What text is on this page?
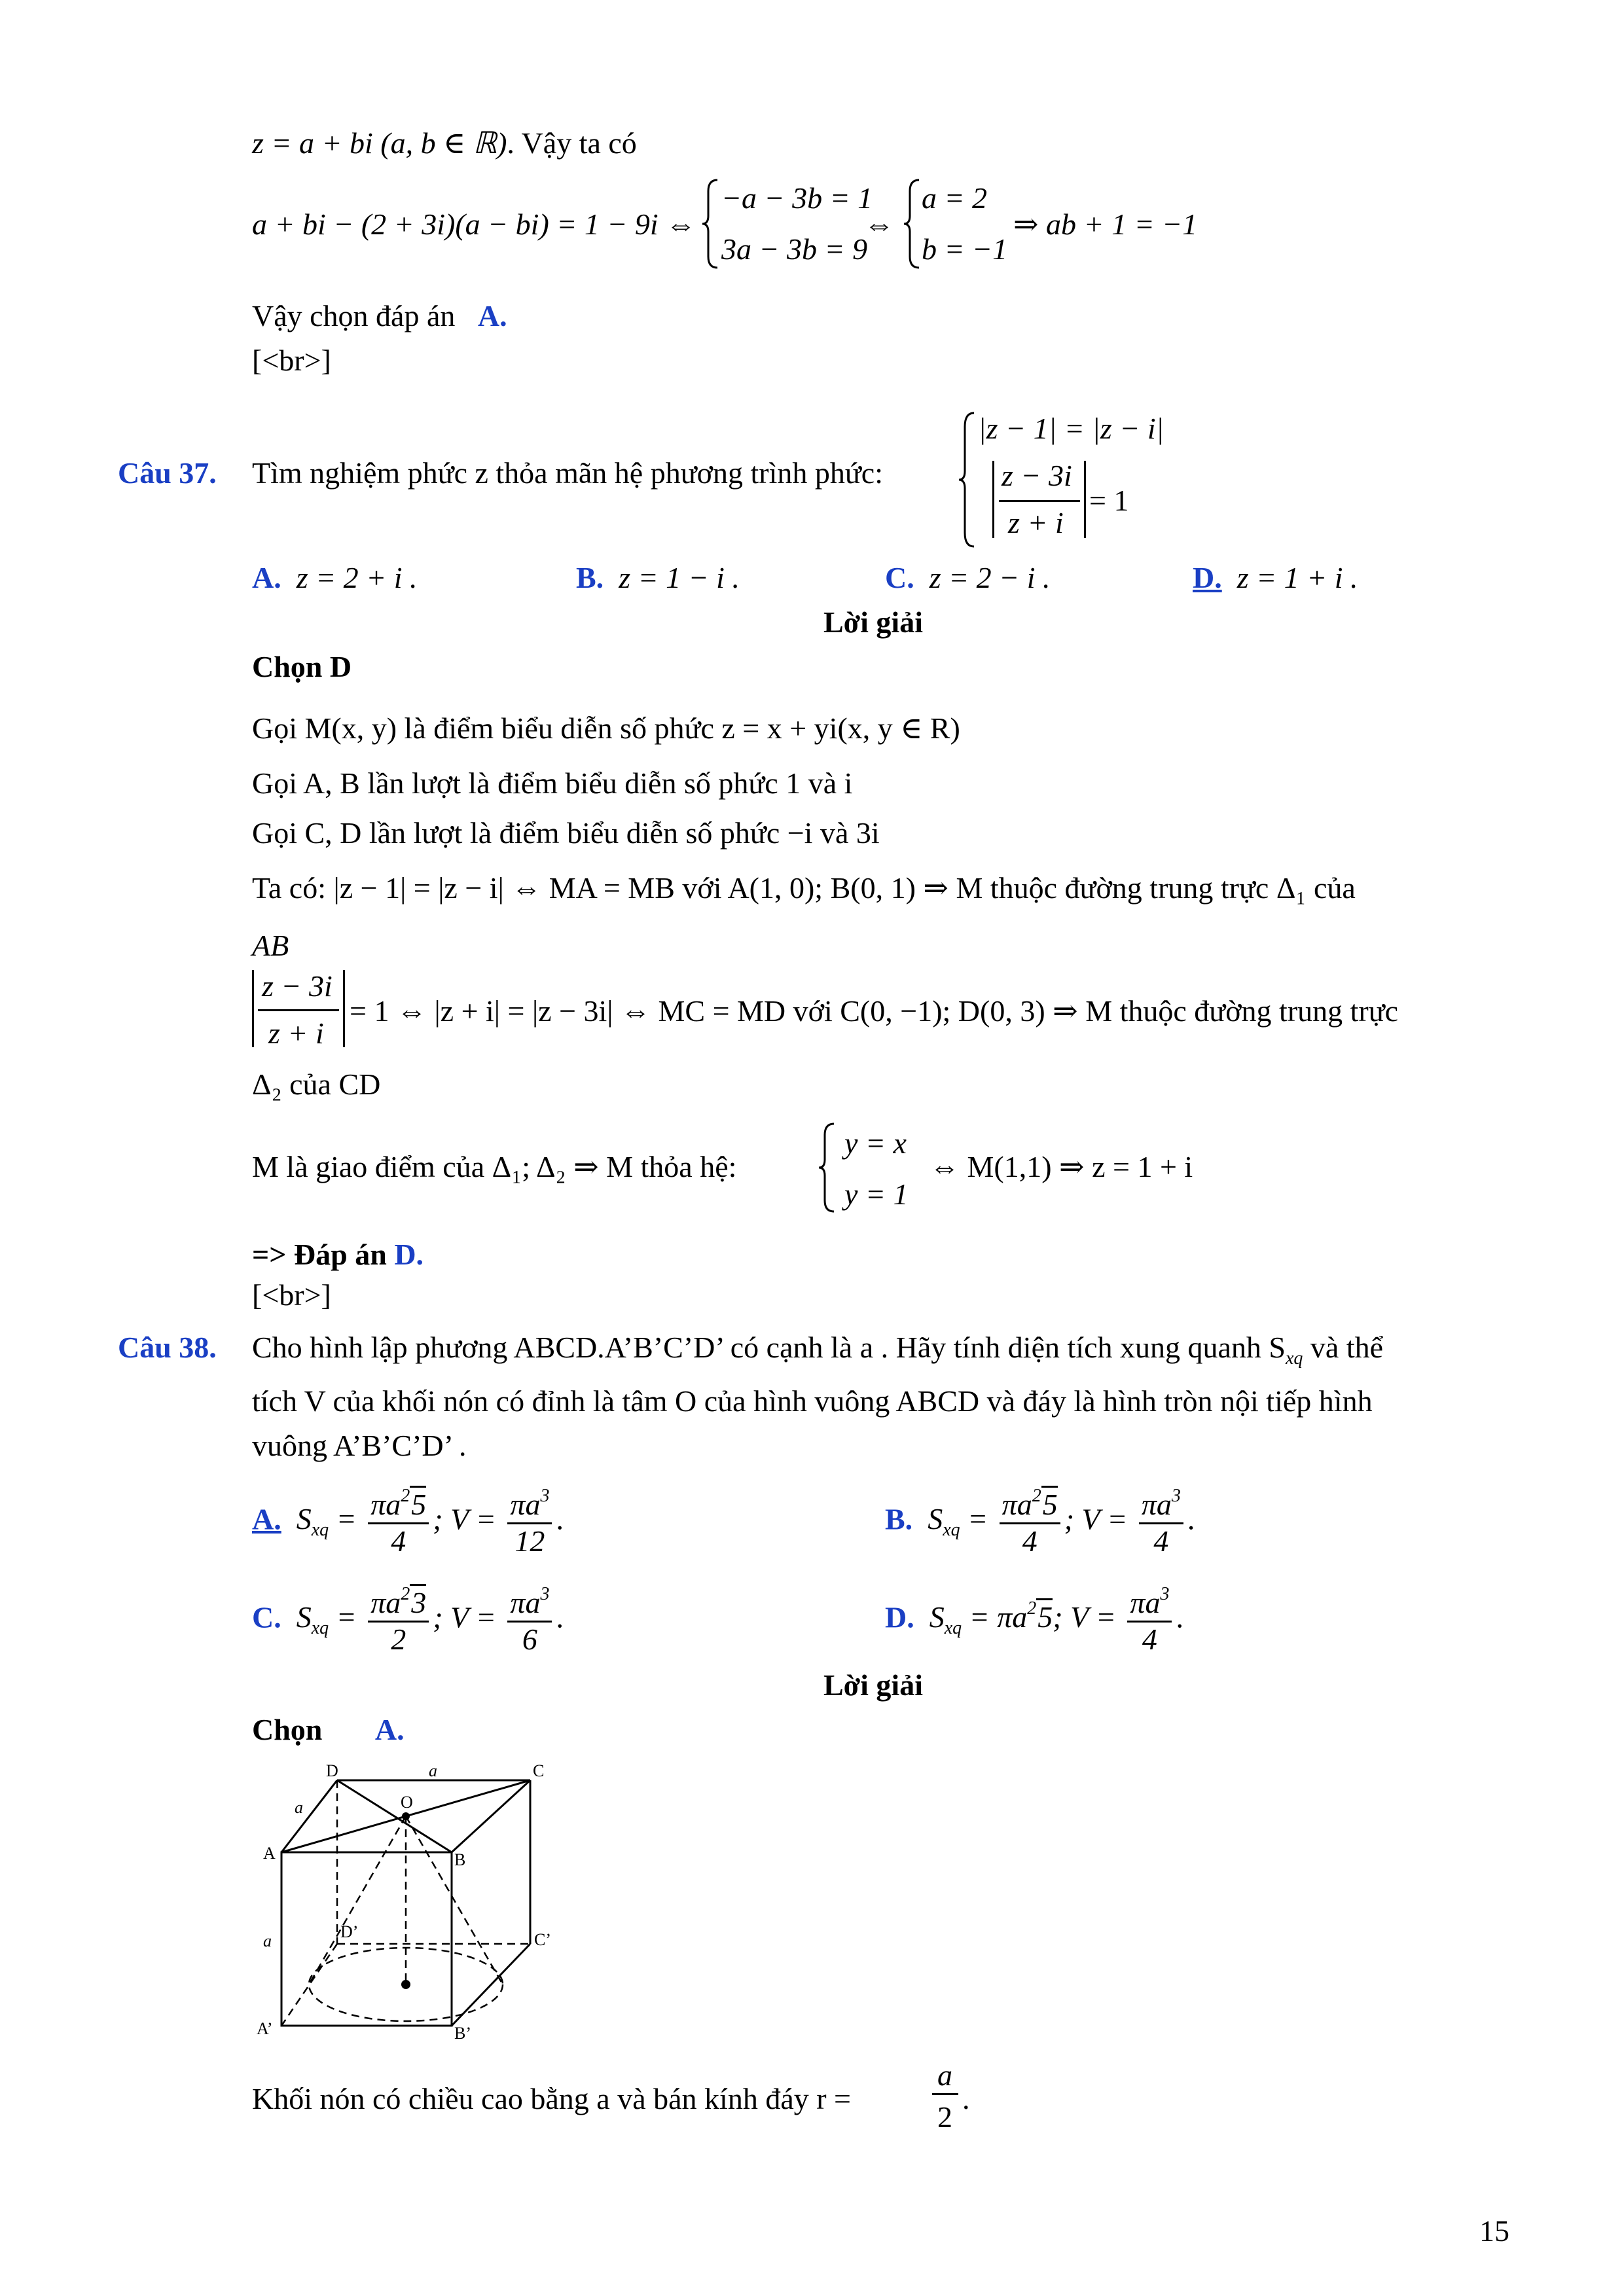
z = a + bi (a, b ∈ ℝ). Vậy ta có
a + bi − (2 + 3i)(a − bi) = 1 − 9i ⇔
−a − 3b = 1
3a − 3b = 9
⇔
a = 2
b = −1
⇒ ab + 1 = −1
Vậy chọn đáp án A.
[<br>]
Câu 37. Tìm nghiệm phức z thỏa mãn hệ phương trình phức:
|z − 1| = |z − i|
z − 3i
z + i
= 1
A. z = 2 + i .	B. z = 1 − i .	C. z = 2 − i .	D. z = 1 + i .
Lời giải
Chọn D
Gọi M(x, y) là điểm biểu diễn số phức z = x + yi(x, y ∈ R)
Gọi A, B lần lượt là điểm biểu diễn số phức 1 và i
Gọi C, D lần lượt là điểm biểu diễn số phức −i và 3i
Ta có: |z − 1| = |z − i| ⇔ MA = MB với A(1, 0); B(0, 1) ⇒ M thuộc đường trung trực Δ₁ của
AB
z − 3i
z + i
= 1 ⇔ |z + i| = |z − 3i| ⇔ MC = MD với C(0, −1); D(0, 3) ⇒ M thuộc đường trung trực
Δ₂ của CD
M là giao điểm của Δ₁; Δ₂ ⇒ M thỏa hệ:
y = x
y = 1
⇔ M(1,1) ⇒ z = 1 + i
=> Đáp án D.
[<br>]
Câu 38. Cho hình lập phương ABCD.A’B’C’D’ có cạnh là a . Hãy tính diện tích xung quanh $S_{xq}$ và thể
tích V của khối nón có đỉnh là tâm O của hình vuông ABCD và đáy là hình tròn nội tiếp hình
vuông A’B’C’D’ .
A. $S_{xq} = \frac{\pi a^25}{4}$ ; $V = \frac{\pi a^3}{12}$ .	B. $S_{xq} = \frac{\pi a^25}{4}$ ; $V = \frac{\pi a^3}{4}$ .
C. $S_{xq} = \frac{\pi a^23}{2}$ ; $V = \frac{\pi a^3}{6}$ .	D. $S_{xq} = \pi a^25$; $V = \frac{\pi a^3}{4}$ .
Lời giải
Chọn A.
D	a	C
a	O
A	B
a	D’	C’
A’	B’
Khối nón có chiều cao bằng a và bán kính đáy r =
a
2
.
15
